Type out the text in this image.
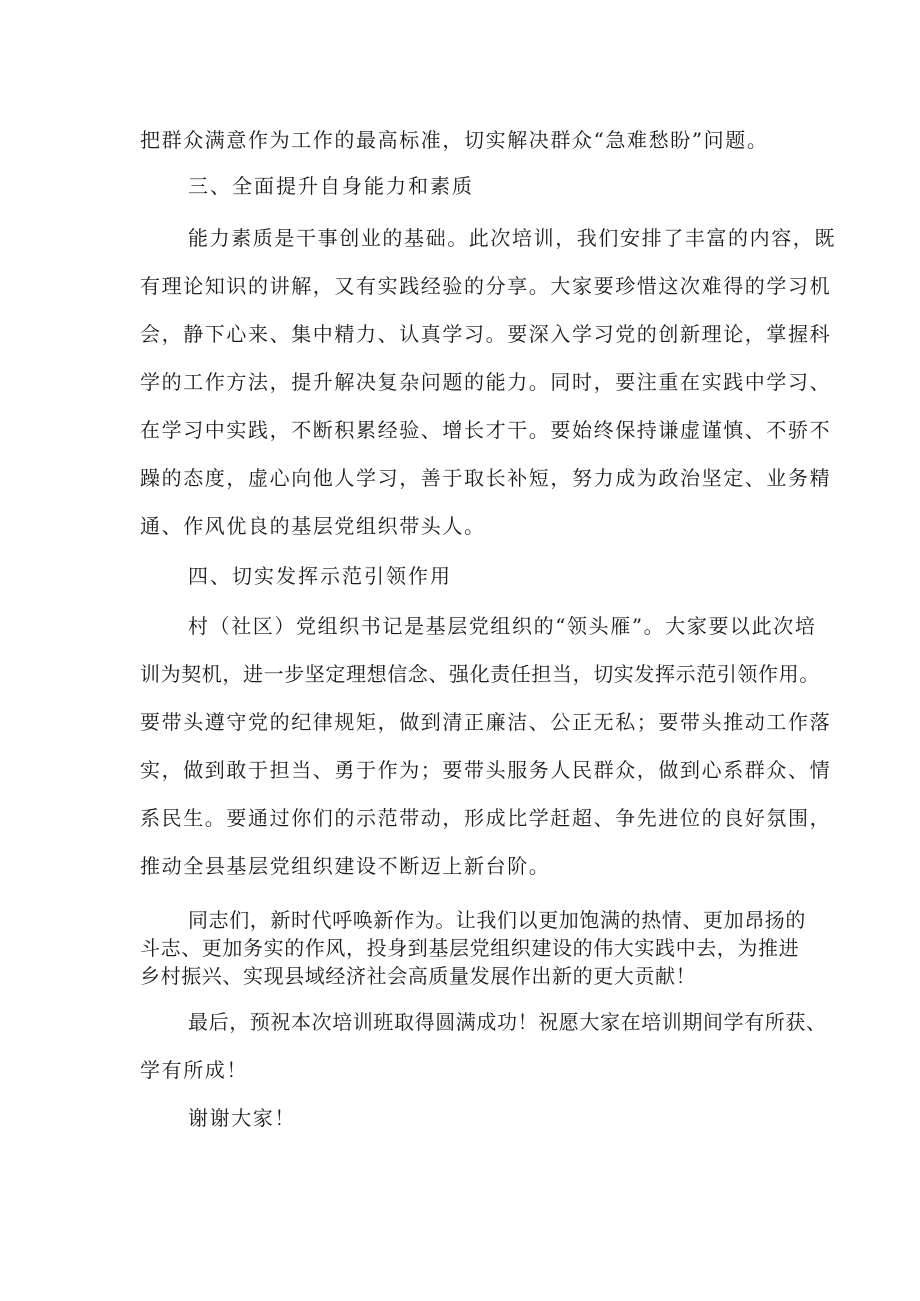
把群众满意作为工作的最高标准，切实解决群众“急难愁盼”问题。
三、全面提升自身能力和素质
能力素质是干事创业的基础。此次培训，我们安排了丰富的内容，既
有理论知识的讲解，又有实践经验的分享。大家要珍惜这次难得的学习机
会，静下心来、集中精力、认真学习。要深入学习党的创新理论，掌握科
学的工作方法，提升解决复杂问题的能力。同时，要注重在实践中学习、
在学习中实践，不断积累经验、增长才干。要始终保持谦虚谨慎、不骄不
躁的态度，虚心向他人学习，善于取长补短，努力成为政治坚定、业务精
通、作风优良的基层党组织带头人。
四、切实发挥示范引领作用
村（社区）党组织书记是基层党组织的“领头雁”。大家要以此次培
训为契机，进一步坚定理想信念、强化责任担当，切实发挥示范引领作用。
要带头遵守党的纪律规矩，做到清正廉洁、公正无私；要带头推动工作落
实，做到敢于担当、勇于作为；要带头服务人民群众，做到心系群众、情
系民生。要通过你们的示范带动，形成比学赶超、争先进位的良好氛围，
推动全县基层党组织建设不断迈上新台阶。
同志们，新时代呼唤新作为。让我们以更加饱满的热情、更加昂扬的
斗志、更加务实的作风，投身到基层党组织建设的伟大实践中去，为推进
乡村振兴、实现县域经济社会高质量发展作出新的更大贡献！
最后，预祝本次培训班取得圆满成功！祝愿大家在培训期间学有所获、
学有所成！
谢谢大家！
